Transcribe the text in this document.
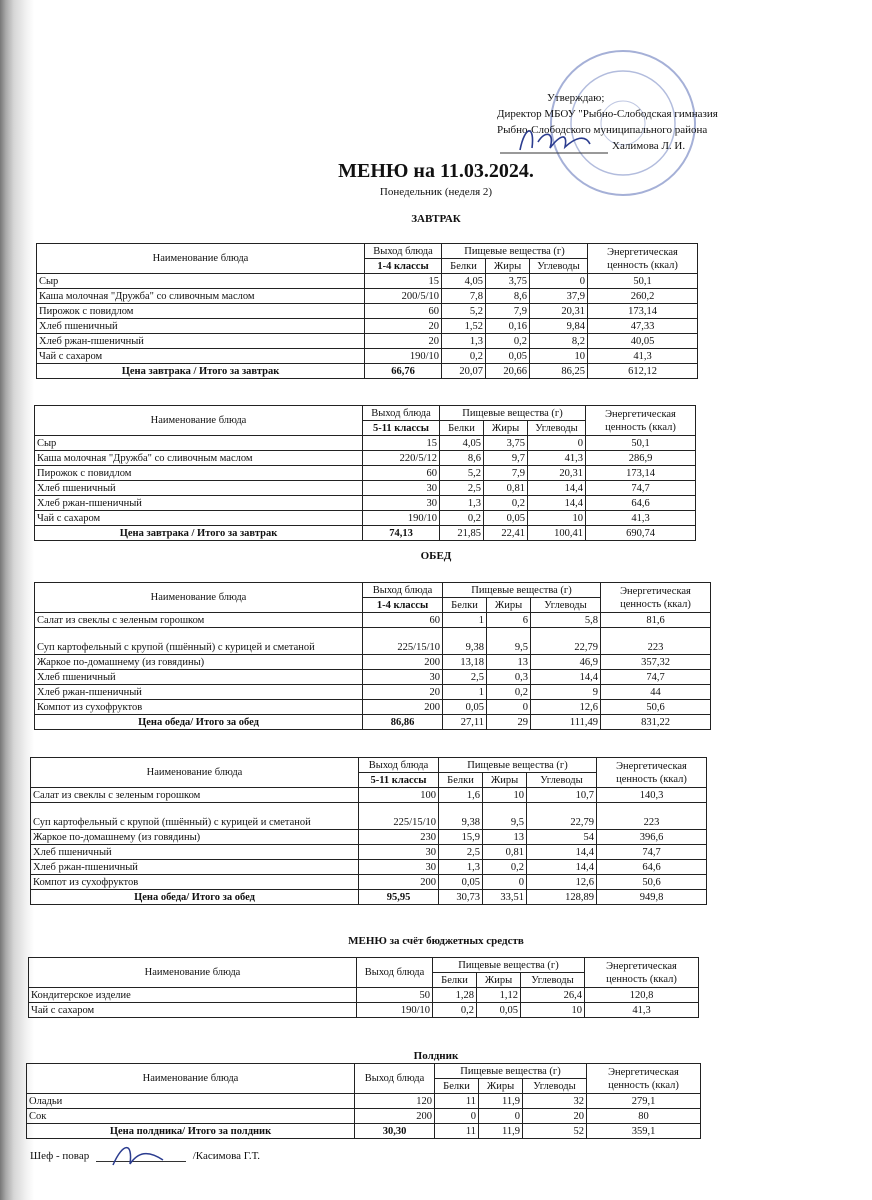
Утверждаю;
Директор МБОУ "Рыбно-Слободская гимназия
Рыбно-Слободского муниципального района
Халимова Л. И.
МЕНЮ на 11.03.2024.
Понедельник (неделя 2)
ЗАВТРАК
Наименование блюда	Выход блюда	Пищевые вещества (г)			Энергетическая ценность (ккал)
	1-4 классы	Белки	Жиры	Углеводы	
Сыр	15	4,05	3,75	0	50,1
Каша молочная "Дружба" со сливочным маслом	200/5/10	7,8	8,6	37,9	260,2
Пирожок с повидлом	60	5,2	7,9	20,31	173,14
Хлеб пшеничный	20	1,52	0,16	9,84	47,33
Хлеб ржан-пшеничный	20	1,3	0,2	8,2	40,05
Чай с сахаром	190/10	0,2	0,05	10	41,3
Цена завтрака / Итого за завтрак	66,76	20,07	20,66	86,25	612,12
Наименование блюда	Выход блюда	Пищевые вещества (г)			Энергетическая ценность (ккал)
	5-11 классы	Белки	Жиры	Углеводы	
Сыр	15	4,05	3,75	0	50,1
Каша молочная "Дружба" со сливочным маслом	220/5/12	8,6	9,7	41,3	286,9
Пирожок с повидлом	60	5,2	7,9	20,31	173,14
Хлеб пшеничный	30	2,5	0,81	14,4	74,7
Хлеб ржан-пшеничный	30	1,3	0,2	14,4	64,6
Чай с сахаром	190/10	0,2	0,05	10	41,3
Цена завтрака / Итого за завтрак	74,13	21,85	22,41	100,41	690,74
Наименование блюда	Выход блюда	Пищевые вещества (г)			Энергетическая ценность (ккал)
	1-4 классы	Белки	Жиры	Углеводы	
Салат из свеклы с зеленым горошком	60	1	6	5,8	81,6
Суп картофельный с крупой (пшённый) с курицей и сметаной	225/15/10	9,38	9,5	22,79	223
Жаркое по-домашнему (из говядины)	200	13,18	13	46,9	357,32
Хлеб пшеничный	30	2,5	0,3	14,4	74,7
Хлеб ржан-пшеничный	20	1	0,2	9	44
Компот из сухофруктов	200	0,05	0	12,6	50,6
Цена обеда/ Итого за обед	86,86	27,11	29	111,49	831,22
Наименование блюда	Выход блюда	Пищевые вещества (г)			Энергетическая ценность (ккал)
	5-11 классы	Белки	Жиры	Углеводы	
Салат из свеклы с зеленым горошком	100	1,6	10	10,7	140,3
Суп картофельный с крупой (пшённый) с курицей и сметаной	225/15/10	9,38	9,5	22,79	223
Жаркое по-домашнему (из говядины)	230	15,9	13	54	396,6
Хлеб пшеничный	30	2,5	0,81	14,4	74,7
Хлеб ржан-пшеничный	30	1,3	0,2	14,4	64,6
Компот из сухофруктов	200	0,05	0	12,6	50,6
Цена обеда/ Итого за обед	95,95	30,73	33,51	128,89	949,8
Наименование блюда	Выход блюда	Пищевые вещества (г)			Энергетическая ценность (ккал)
		Белки	Жиры	Углеводы	
Кондитерское изделие	50	1,28	1,12	26,4	120,8
Чай с сахаром	190/10	0,2	0,05	10	41,3
Наименование блюда	Выход блюда	Пищевые вещества (г)			Энергетическая ценность (ккал)
		Белки	Жиры	Углеводы	
Оладьи	120	11	11,9	32	279,1
Сок	200	0	0	20	80
Цена полдника/ Итого за полдник	30,30	11	11,9	52	359,1
ОБЕД
МЕНЮ за счёт бюджетных средств
Полдник
Шеф - повар	/Касимова Г.Т.
